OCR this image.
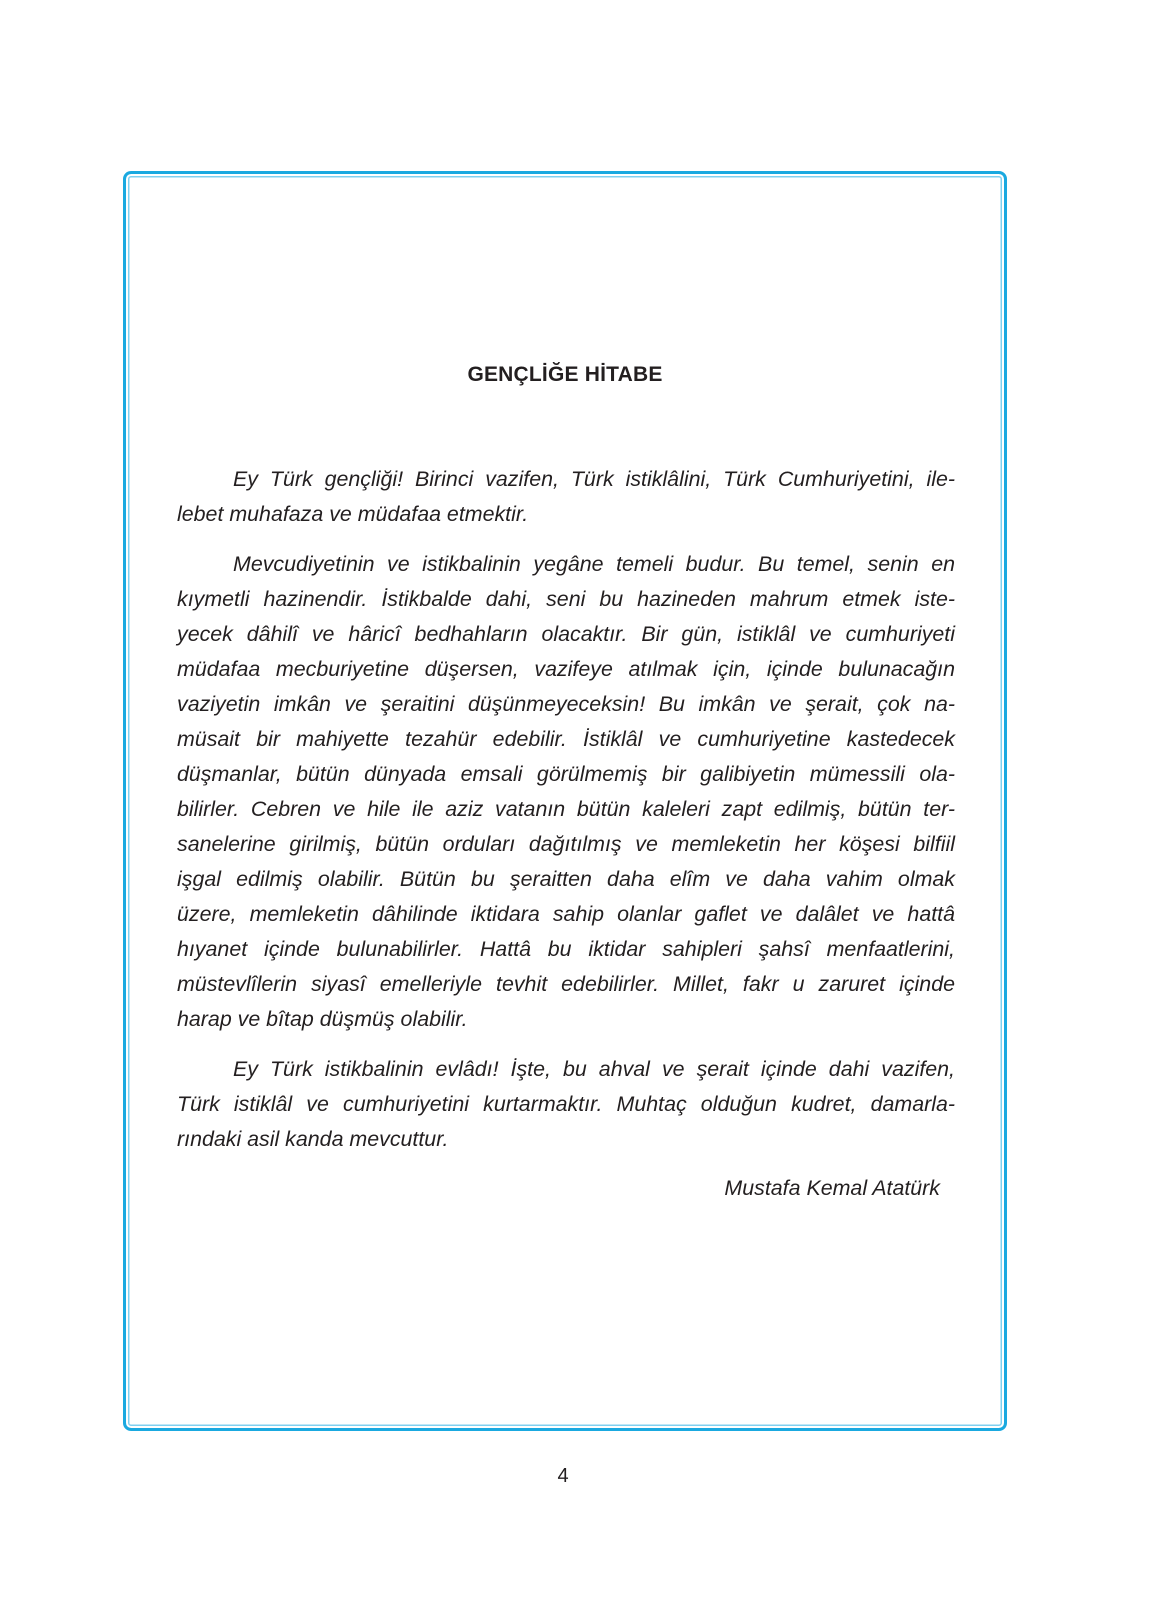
GENÇLİĞE HİTABE
Ey Türk gençliği! Birinci vazifen, Türk istiklâlini, Türk Cumhuriyetini, ile-
lebet muhafaza ve müdafaa etmektir.
Mevcudiyetinin ve istikbalinin yegâne temeli budur. Bu temel, senin en
kıymetli hazinendir. İstikbalde dahi, seni bu hazineden mahrum etmek iste-
yecek dâhilî ve hâricî bedhahların olacaktır. Bir gün, istiklâl ve cumhuriyeti
müdafaa mecburiyetine düşersen, vazifeye atılmak için, içinde bulunacağın
vaziyetin imkân ve şeraitini düşünmeyeceksin! Bu imkân ve şerait, çok na-
müsait bir mahiyette tezahür edebilir. İstiklâl ve cumhuriyetine kastedecek
düşmanlar, bütün dünyada emsali görülmemiş bir galibiyetin mümessili ola-
bilirler. Cebren ve hile ile aziz vatanın bütün kaleleri zapt edilmiş, bütün ter-
sanelerine girilmiş, bütün orduları dağıtılmış ve memleketin her köşesi bilfiil
işgal edilmiş olabilir. Bütün bu şeraitten daha elîm ve daha vahim olmak
üzere, memleketin dâhilinde iktidara sahip olanlar gaflet ve dalâlet ve hattâ
hıyanet içinde bulunabilirler. Hattâ bu iktidar sahipleri şahsî menfaatlerini,
müstevlîlerin siyasî emelleriyle tevhit edebilirler. Millet, fakr u zaruret içinde
harap ve bîtap düşmüş olabilir.
Ey Türk istikbalinin evlâdı! İşte, bu ahval ve şerait içinde dahi vazifen,
Türk istiklâl ve cumhuriyetini kurtarmaktır. Muhtaç olduğun kudret, damarla-
rındaki asil kanda mevcuttur.
Mustafa Kemal Atatürk
4
